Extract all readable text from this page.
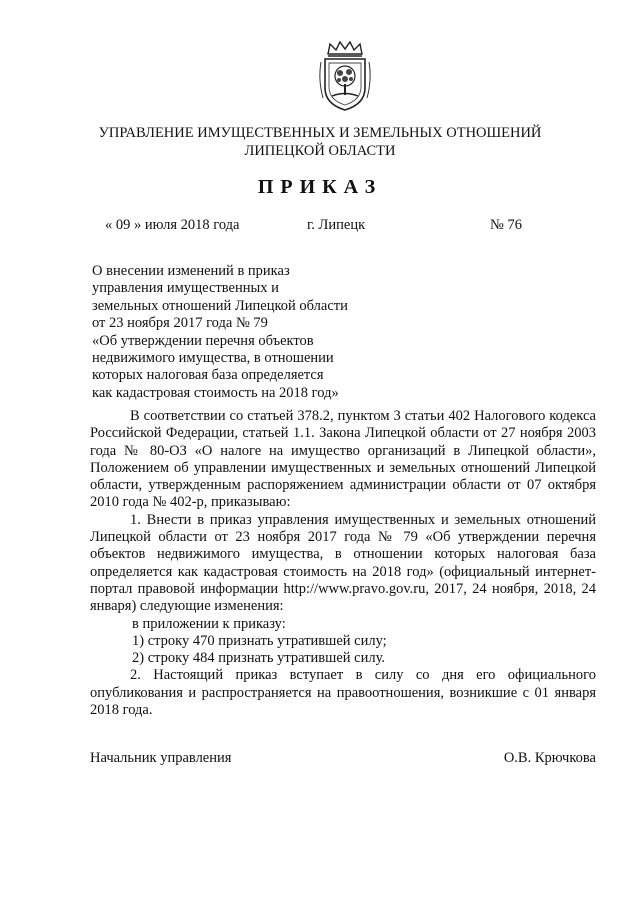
УПРАВЛЕНИЕ ИМУЩЕСТВЕННЫХ И ЗЕМЕЛЬНЫХ ОТНОШЕНИЙ
ЛИПЕЦКОЙ ОБЛАСТИ
ПРИКАЗ
« 09 » июля 2018 года	г. Липецк	№ 76
О внесении изменений в приказ
управления имущественных и
земельных отношений Липецкой области
от 23 ноября 2017 года № 79
«Об утверждении перечня объектов
недвижимого имущества, в отношении
которых налоговая база определяется
как кадастровая стоимость на 2018 год»
В соответствии со статьей 378.2, пунктом 3 статьи 402 Налогового кодекса Российской Федерации, статьей 1.1. Закона Липецкой области от 27 ноября 2003 года № 80-ОЗ «О налоге на имущество организаций в Липецкой области», Положением об управлении имущественных и земельных отношений Липецкой области, утвержденным распоряжением администрации области от 07 октября 2010 года № 402-р, приказываю:
1. Внести в приказ управления имущественных и земельных отношений Липецкой области от 23 ноября 2017 года № 79 «Об утверждении перечня объектов недвижимого имущества, в отношении которых налоговая база определяется как кадастровая стоимость на 2018 год» (официальный интернет-портал правовой информации http://www.pravo.gov.ru, 2017, 24 ноября, 2018, 24 января) следующие изменения:
в приложении к приказу:
1) строку 470 признать утратившей силу;
2) строку 484 признать утратившей силу.
2. Настоящий приказ вступает в силу со дня его официального опубликования и распространяется на правоотношения, возникшие с 01 января 2018 года.
Начальник управления	О.В. Крючкова
